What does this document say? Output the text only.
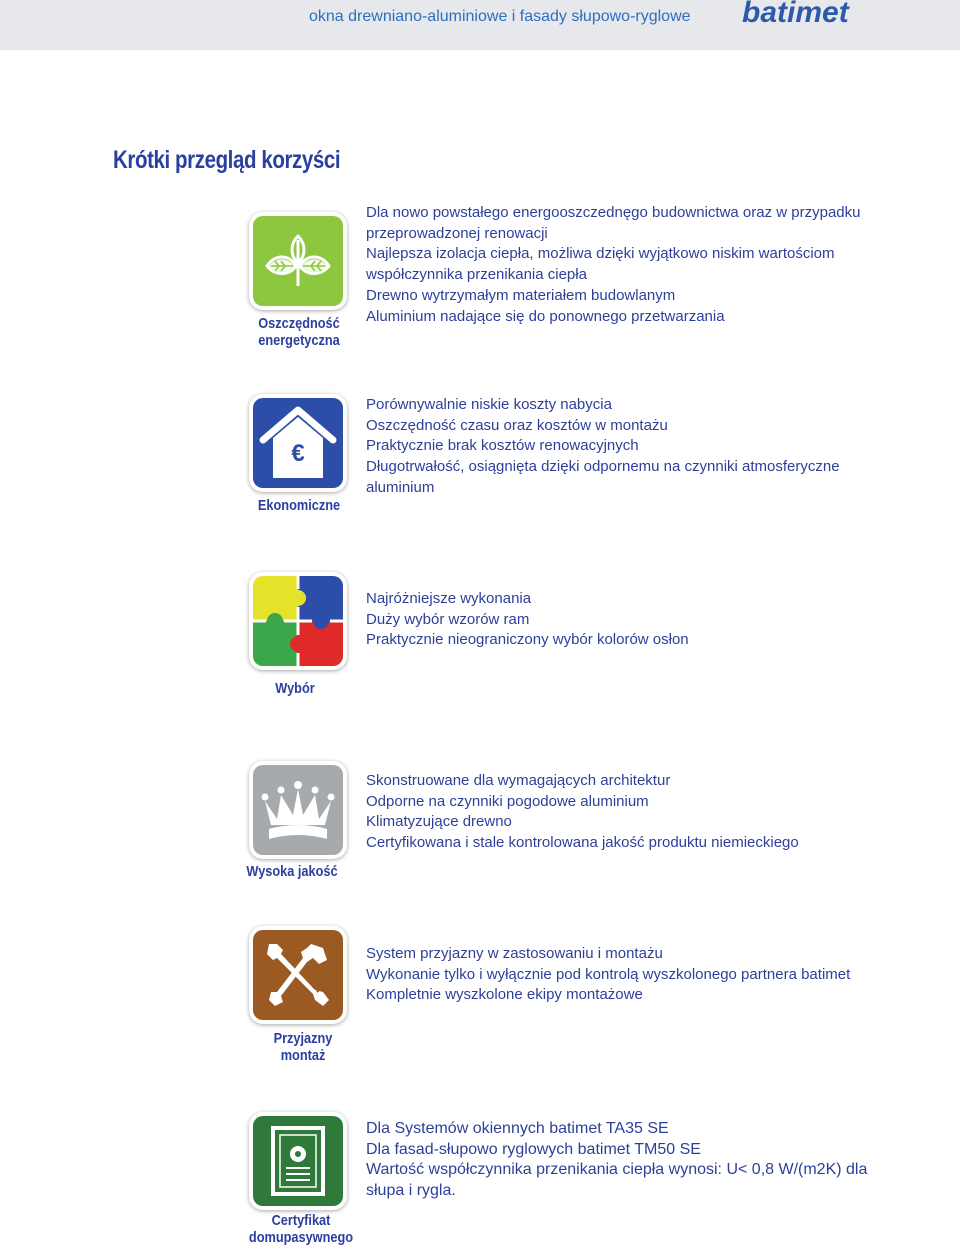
okna drewniano-aluminiowe i fasady słupowo-ryglowe batimet
Krótki przegląd korzyści
Oszczędność
energetyczna
Dla nowo powstałego energooszczednęgo budownictwa oraz w przypadku
przeprowadzonej renowacji
Najlepsza izolacja ciepła, możliwa dzięki wyjątkowo niskim wartościom
współczynnika przenikania ciepła
Drewno wytrzymałym materiałem budowlanym
Aluminium nadające się do ponownego przetwarzania
€
Ekonomiczne
Porównywalnie niskie koszty nabycia
Oszczędność czasu oraz kosztów w montażu
Praktycznie brak kosztów renowacyjnych
Długotrwałość, osiągnięta dzięki odpornemu na czynniki atmosferyczne
aluminium
Wybór
Najróżniejsze wykonania
Duży wybór wzorów ram
Praktycznie nieograniczony wybór kolorów osłon
Wysoka jakość
Skonstruowane dla wymagających architektur
Odporne na czynniki pogodowe aluminium
Klimatyzujące drewno
Certyfikowana i stale kontrolowana jakość produktu niemieckiego
Przyjazny
montaż
System przyjazny w zastosowaniu i montażu
Wykonanie tylko i wyłącznie pod kontrolą wyszkolonego partnera batimet
Kompletnie wyszkolone ekipy montażowe
Certyfikat
domupasywnego
Dla Systemów okiennych batimet TA35 SE
Dla fasad-słupowo ryglowych batimet TM50 SE
Wartość współczynnika przenikania ciepła wynosi: U< 0,8 W/(m2K) dla
słupa i rygla.
